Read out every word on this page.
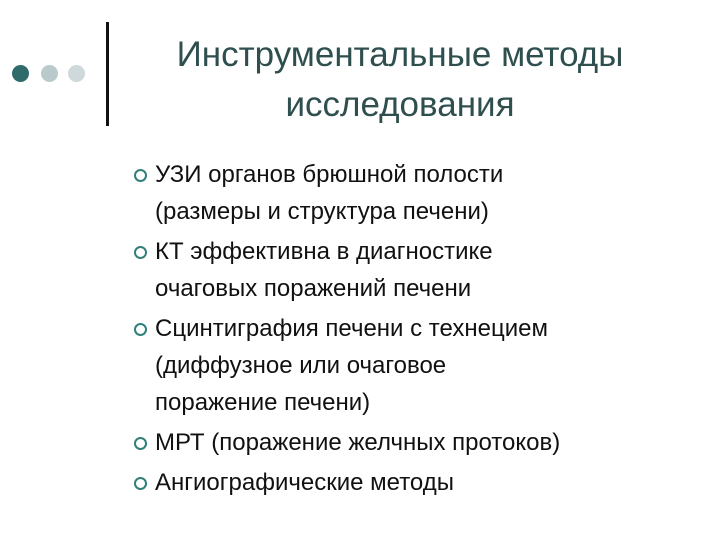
Инструментальные методы
исследования
УЗИ органов брюшной полости
(размеры и структура печени)
КТ эффективна в диагностике
очаговых поражений печени
Сцинтиграфия печени с технецием
(диффузное или очаговое
поражение печени)
МРТ (поражение желчных протоков)
Ангиографические методы
